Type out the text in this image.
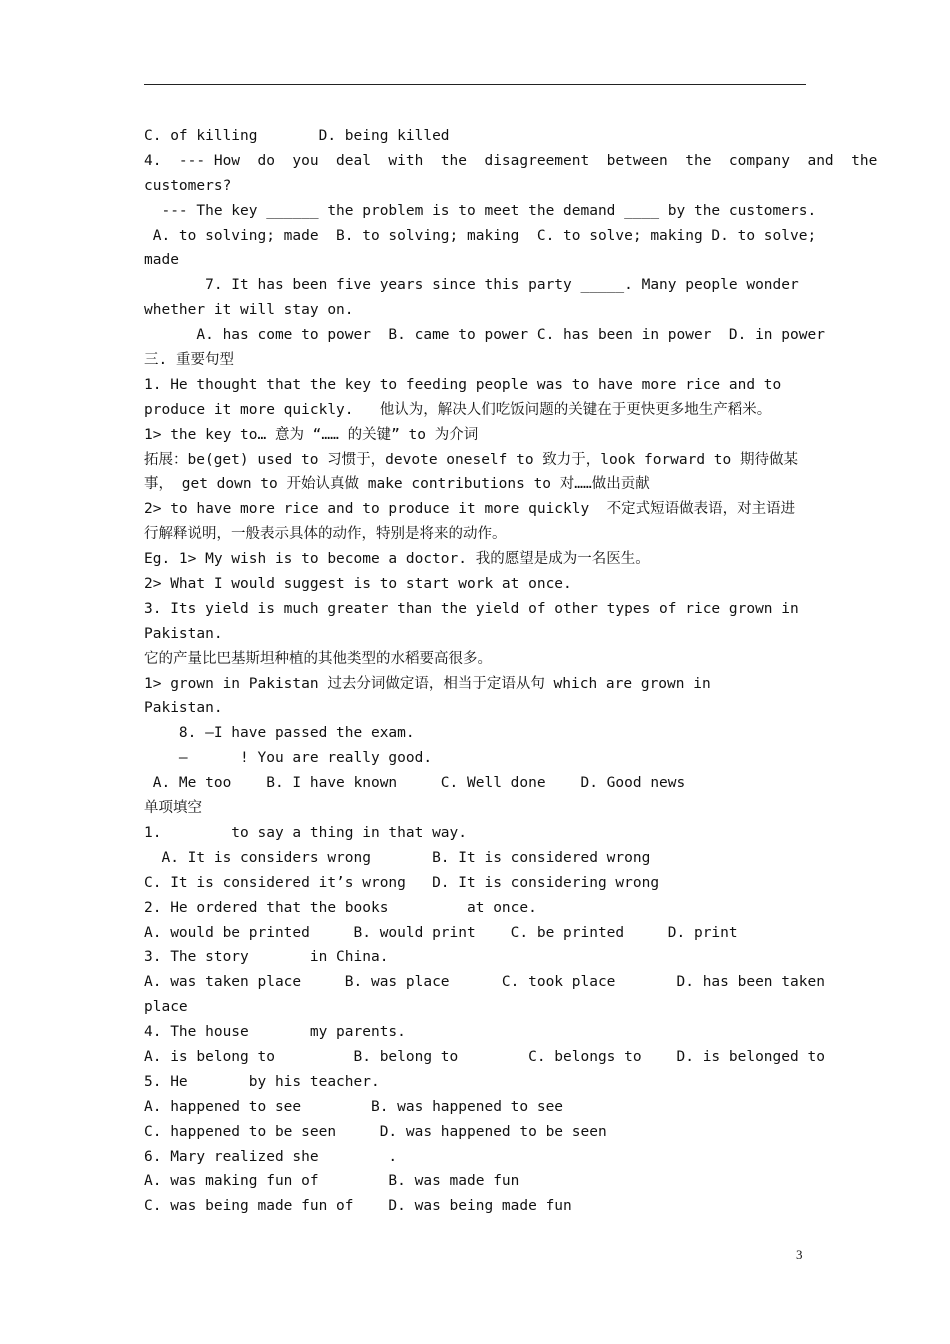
C. of killing       D. being killed
4.  --- How  do  you  deal  with  the  disagreement  between  the  company  and  the
customers?
--- The key ______ the problem is to meet the demand ____ by the customers.
A. to solving; made  B. to solving; making  C. to solve; making D. to solve;
made
7. It has been five years since this party _____. Many people wonder
whether it will stay on.
A. has come to power  B. came to power C. has been in power  D. in power
三. 重要句型
1. He thought that the key to feeding people was to have more rice and to
produce it more quickly.   他认为，解决人们吃饭问题的关键在于更快更多地生产稻米。
1> the key to… 意为 “…… 的关键” to 为介词
拓展：be(get) used to 习惯于，devote oneself to 致力于，look forward to 期待做某
事， get down to 开始认真做 make contributions to 对……做出贡献
2> to have more rice and to produce it more quickly  不定式短语做表语，对主语进
行解释说明，一般表示具体的动作，特别是将来的动作。
Eg. 1> My wish is to become a doctor. 我的愿望是成为一名医生。
2> What I would suggest is to start work at once.
3. Its yield is much greater than the yield of other types of rice grown in
Pakistan.
它的产量比巴基斯坦种植的其他类型的水稻要高很多。
1> grown in Pakistan 过去分词做定语，相当于定语从句 which are grown in
Pakistan.
8. —I have passed the exam.
—      ! You are really good.
A. Me too    B. I have known     C. Well done    D. Good news
单项填空
1.        to say a thing in that way.
A. It is considers wrong       B. It is considered wrong
C. It is considered it’s wrong   D. It is considering wrong
2. He ordered that the books         at once.
A. would be printed     B. would print    C. be printed     D. print
3. The story       in China.
A. was taken place     B. was place      C. took place       D. has been taken
place
4. The house       my parents.
A. is belong to         B. belong to        C. belongs to    D. is belonged to
5. He       by his teacher.
A. happened to see        B. was happened to see
C. happened to be seen     D. was happened to be seen
6. Mary realized she        .
A. was making fun of        B. was made fun
C. was being made fun of    D. was being made fun
3
